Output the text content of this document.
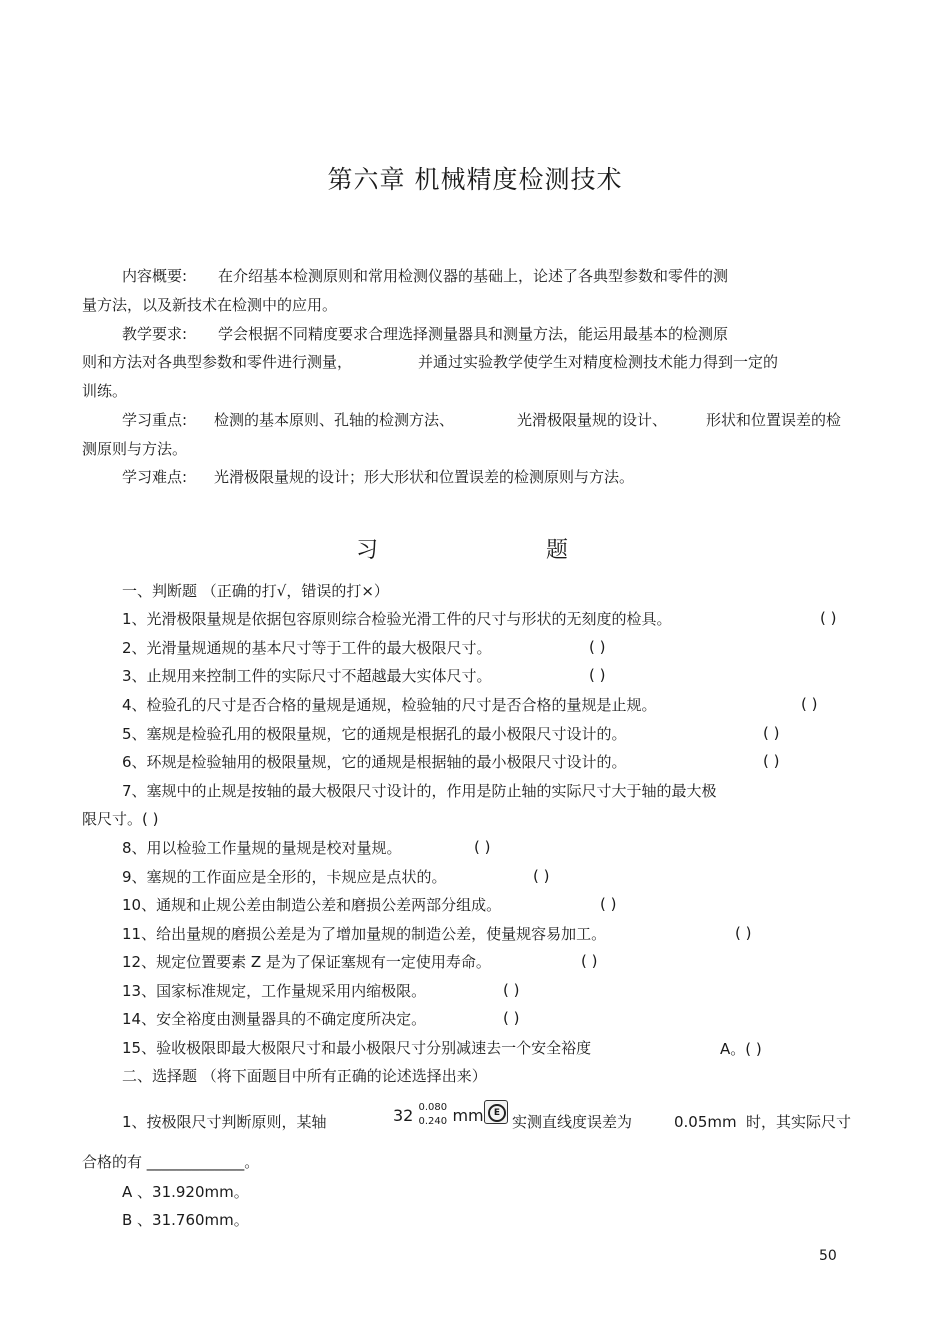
第六章 机械精度检测技术
内容概要: 在介绍基本检测原则和常用检测仪器的基础上，论述了各典型参数和零件的测
量方法，以及新技术在检测中的应用。
教学要求: 学会根据不同精度要求合理选择测量器具和测量方法，能运用最基本的检测原
则和方法对各典型参数和零件进行测量，	并通过实验教学使学生对精度检测技术能力得到一定的
训练。
学习重点: 检测的基本原则、孔轴的检测方法、	光滑极限量规的设计、	形状和位置误差的检
测原则与方法。
学习难点: 光滑极限量规的设计；形大形状和位置误差的检测原则与方法。
习	题
一、判断题 （正确的打√，错误的打×）
1、光滑极限量规是依据包容原则综合检验光滑工件的尺寸与形状的无刻度的检具。	( )
2、光滑量规通规的基本尺寸等于工件的最大极限尺寸。	( )
3、止规用来控制工件的实际尺寸不超越最大实体尺寸。	( )
4、检验孔的尺寸是否合格的量规是通规，检验轴的尺寸是否合格的量规是止规。	( )
5、塞规是检验孔用的极限量规，它的通规是根据孔的最小极限尺寸设计的。	( )
6、环规是检验轴用的极限量规，它的通规是根据轴的最小极限尺寸设计的。	( )
7、塞规中的止规是按轴的最大极限尺寸设计的，作用是防止轴的实际尺寸大于轴的最大极
限尺寸。( )
8、用以检验工作量规的量规是校对量规。	( )
9、塞规的工作面应是全形的，卡规应是点状的。	( )
10、通规和止规公差由制造公差和磨损公差两部分组成。	( )
11、给出量规的磨损公差是为了增加量规的制造公差，使量规容易加工。	( )
12、规定位置要素 Z 是为了保证塞规有一定使用寿命。	( )
13、国家标准规定，工作量规采用内缩极限。	( )
14、安全裕度由测量器具的不确定度所决定。	( )
15、验收极限即最大极限尺寸和最小极限尺寸分别减速去一个安全裕度	A。( )
二、选择题 （将下面题目中所有正确的论述选择出来）
1、按极限尺寸判断原则，某轴	32 0.080
0.240 mm	E 实测直线度误差为	0.05mm 时，其实际尺寸
合格的有 _____________。
A 、31.920mm。
B 、31.760mm。
50
